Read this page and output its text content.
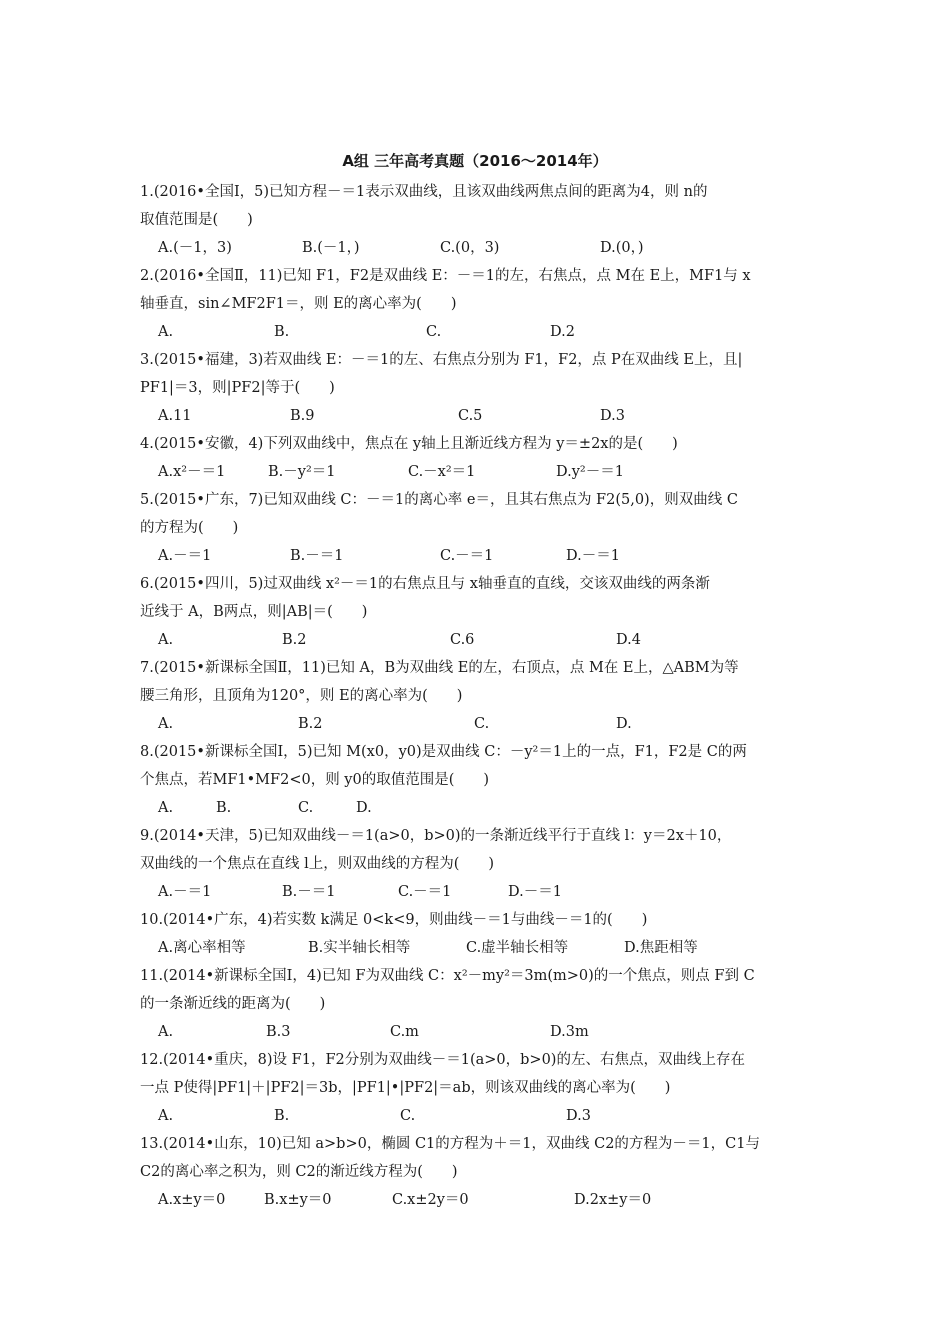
A组 三年高考真题（2016～2014年）
1.(2016•全国Ⅰ，5)已知方程－＝1表示双曲线，且该双曲线两焦点间的距离为4，则 n的
取值范围是(　　)
A.(－1，3)	B.(－1，)	C.(0，3)	D.(0，)
2.(2016•全国Ⅱ，11)已知 F1，F2是双曲线 E：－＝1的左，右焦点，点 M在 E上，MF1与 x
轴垂直，sin∠MF2F1＝，则 E的离心率为(　　)
A.	B.	C.	D.2
3.(2015•福建，3)若双曲线 E：－＝1的左、右焦点分别为 F1，F2，点 P在双曲线 E上，且|
PF1|＝3，则|PF2|等于(　　)
A.11	B.9	C.5	D.3
4.(2015•安徽，4)下列双曲线中，焦点在 y轴上且渐近线方程为 y＝±2x的是(　　)
A.x²－＝1	B.－y²＝1	C.－x²＝1	D.y²－＝1
5.(2015•广东，7)已知双曲线 C：－＝1的离心率 e＝，且其右焦点为 F2(5,0)，则双曲线 C
的方程为(　　)
A.－＝1	B.－＝1	C.－＝1	D.－＝1
6.(2015•四川，5)过双曲线 x²－＝1的右焦点且与 x轴垂直的直线，交该双曲线的两条渐
近线于 A，B两点，则|AB|＝(　　)
A.	B.2	C.6	D.4
7.(2015•新课标全国Ⅱ，11)已知 A，B为双曲线 E的左，右顶点，点 M在 E上，△ABM为等
腰三角形，且顶角为120°，则 E的离心率为(　　)
A.	B.2	C.	D.
8.(2015•新课标全国Ⅰ，5)已知 M(x0，y0)是双曲线 C：－y²＝1上的一点，F1，F2是 C的两
个焦点，若MF1•MF2<0，则 y0的取值范围是(　　)
A.	B.	C.	D.
9.(2014•天津，5)已知双曲线－＝1(a>0，b>0)的一条渐近线平行于直线 l：y＝2x＋10，
双曲线的一个焦点在直线 l上，则双曲线的方程为(　　)
A.－＝1	B.－＝1	C.－＝1	D.－＝1
10.(2014•广东，4)若实数 k满足 0<k<9，则曲线－＝1与曲线－＝1的(　　)
A.离心率相等	B.实半轴长相等	C.虚半轴长相等	D.焦距相等
11.(2014•新课标全国Ⅰ，4)已知 F为双曲线 C：x²－my²＝3m(m>0)的一个焦点，则点 F到 C
的一条渐近线的距离为(　　)
A.	B.3	C.m	D.3m
12.(2014•重庆，8)设 F1，F2分别为双曲线－＝1(a>0，b>0)的左、右焦点，双曲线上存在
一点 P使得|PF1|＋|PF2|＝3b，|PF1|•|PF2|＝ab，则该双曲线的离心率为(　　)
A.	B.	C.	D.3
13.(2014•山东，10)已知 a>b>0，椭圆 C1的方程为＋＝1，双曲线 C2的方程为－＝1，C1与
C2的离心率之积为，则 C2的渐近线方程为(　　)
A.x±y＝0	B.x±y＝0	C.x±2y＝0	D.2x±y＝0
